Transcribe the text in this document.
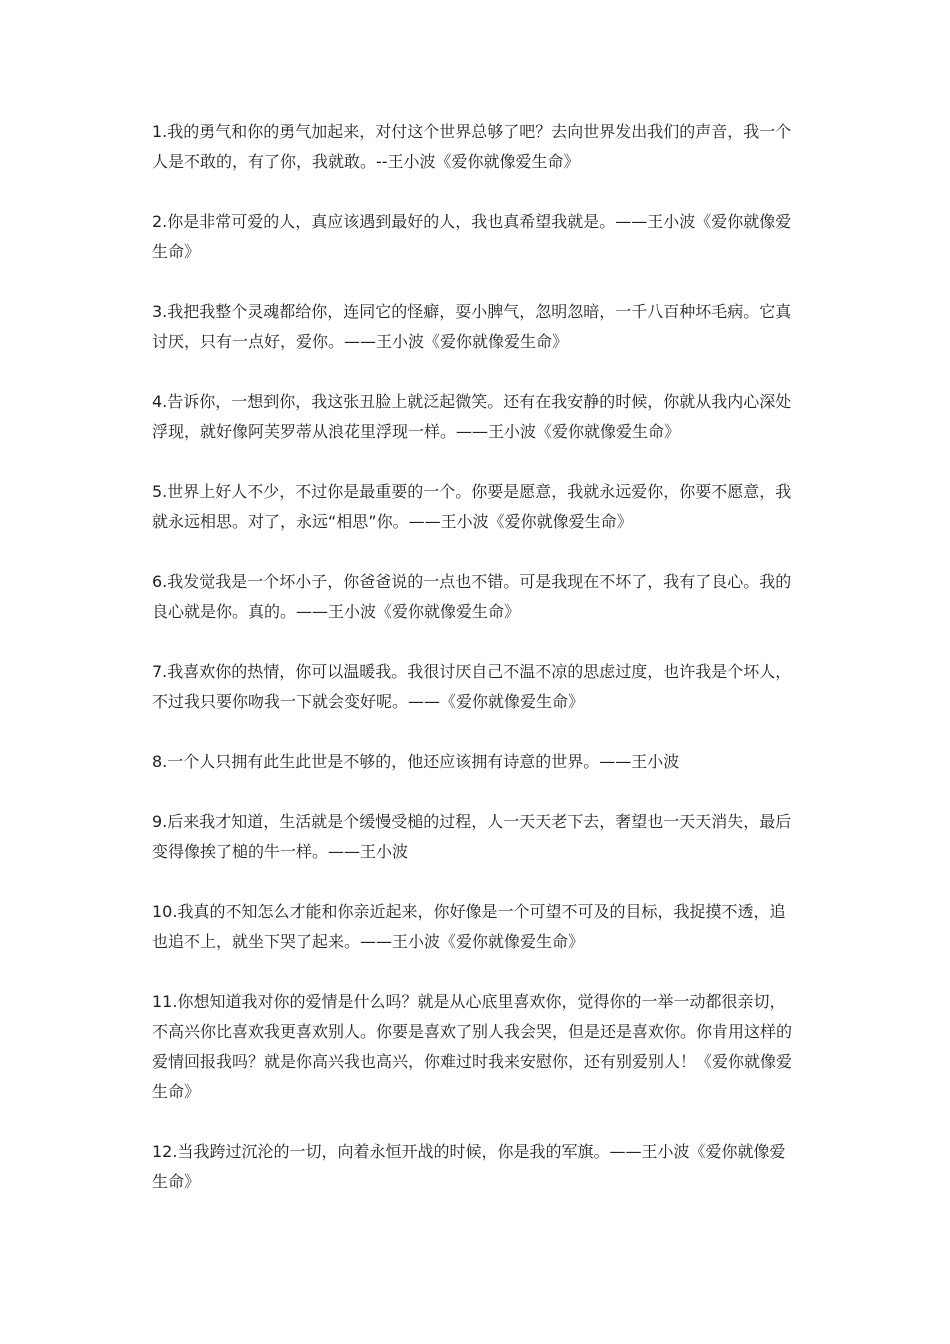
1.我的勇气和你的勇气加起来，对付这个世界总够了吧？去向世界发出我们的声音，我一个人是不敢的，有了你，我就敢。--王小波《爱你就像爱生命》

2.你是非常可爱的人，真应该遇到最好的人，我也真希望我就是。——王小波《爱你就像爱生命》

3.我把我整个灵魂都给你，连同它的怪癖，耍小脾气，忽明忽暗，一千八百种坏毛病。它真讨厌，只有一点好，爱你。——王小波《爱你就像爱生命》

4.告诉你，一想到你，我这张丑脸上就泛起微笑。还有在我安静的时候，你就从我内心深处浮现，就好像阿芙罗蒂从浪花里浮现一样。——王小波《爱你就像爱生命》

5.世界上好人不少，不过你是最重要的一个。你要是愿意，我就永远爱你，你要不愿意，我就永远相思。对了，永远“相思”你。——王小波《爱你就像爱生命》

6.我发觉我是一个坏小子，你爸爸说的一点也不错。可是我现在不坏了，我有了良心。我的良心就是你。真的。——王小波《爱你就像爱生命》

7.我喜欢你的热情，你可以温暖我。我很讨厌自己不温不凉的思虑过度，也许我是个坏人，不过我只要你吻我一下就会变好呢。——《爱你就像爱生命》

8.一个人只拥有此生此世是不够的，他还应该拥有诗意的世界。——王小波

9.后来我才知道，生活就是个缓慢受槌的过程，人一天天老下去，奢望也一天天消失，最后变得像挨了槌的牛一样。——王小波

10.我真的不知怎么才能和你亲近起来，你好像是一个可望不可及的目标，我捉摸不透，追也追不上，就坐下哭了起来。——王小波《爱你就像爱生命》

11.你想知道我对你的爱情是什么吗？就是从心底里喜欢你，觉得你的一举一动都很亲切，不高兴你比喜欢我更喜欢别人。你要是喜欢了别人我会哭，但是还是喜欢你。你肯用这样的爱情回报我吗？就是你高兴我也高兴，你难过时我来安慰你，还有别爱别人！《爱你就像爱生命》

12.当我跨过沉沦的一切，向着永恒开战的时候，你是我的军旗。——王小波《爱你就像爱生命》
